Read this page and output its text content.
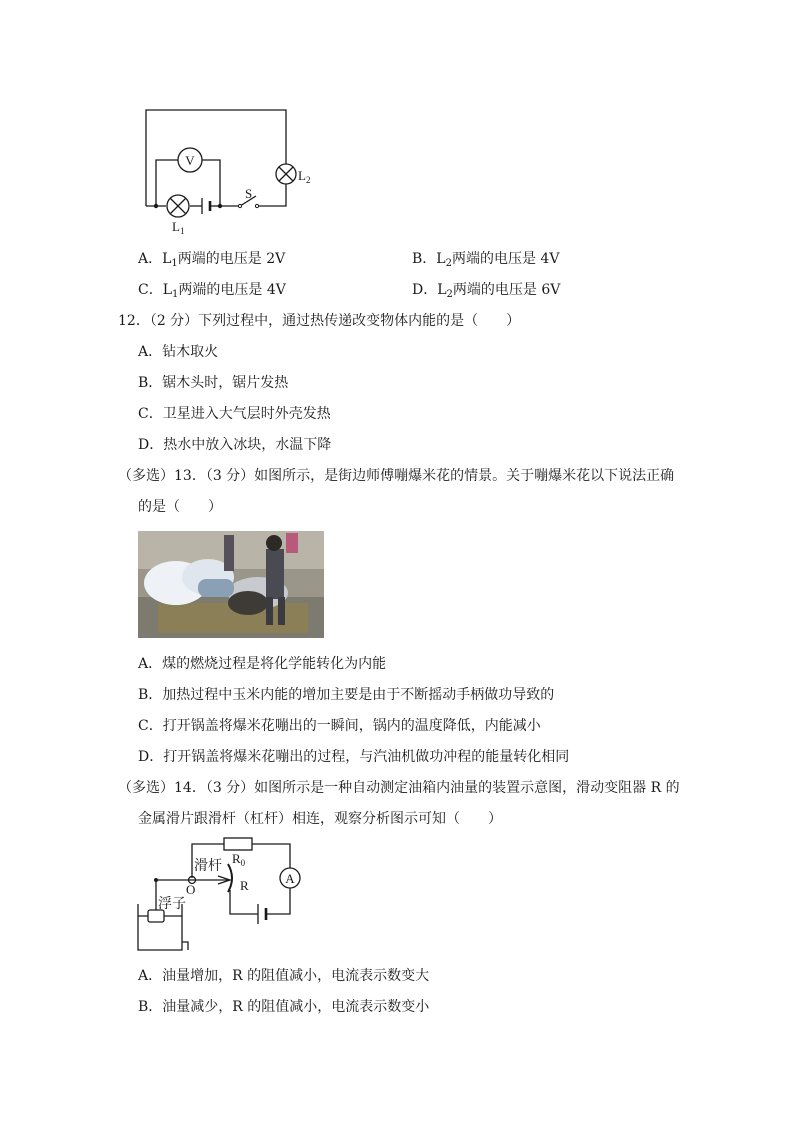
V
S
$L_1$
$L_2$
A．$L_1$两端的电压是 2V	B．$L_2$两端的电压是 4V
C．$L_1$两端的电压是 4V	D．$L_2$两端的电压是 6V
12．（2 分）下列过程中，通过热传递改变物体内能的是（　　）
A．钻木取火
B．锯木头时，锯片发热
C．卫星进入大气层时外壳发热
D．热水中放入冰块，水温下降
（多选）13．（3 分）如图所示，是街边师傅嘣爆米花的情景。关于嘣爆米花以下说法正确
的是（　　）
A．煤的燃烧过程是将化学能转化为内能
B．加热过程中玉米内能的增加主要是由于不断摇动手柄做功导致的
C．打开锅盖将爆米花嘣出的一瞬间，锅内的温度降低，内能减小
D．打开锅盖将爆米花嘣出的过程，与汽油机做功冲程的能量转化相同
（多选）14．（3 分）如图所示是一种自动测定油箱内油量的装置示意图，滑动变阻器 R 的
金属滑片跟滑杆（杠杆）相连，观察分析图示可知（　　）
$R_0$
R	A
滑杆
O
浮子
A．油量增加，R 的阻值减小，电流表示数变大
B．油量减少，R 的阻值减小，电流表示数变小
